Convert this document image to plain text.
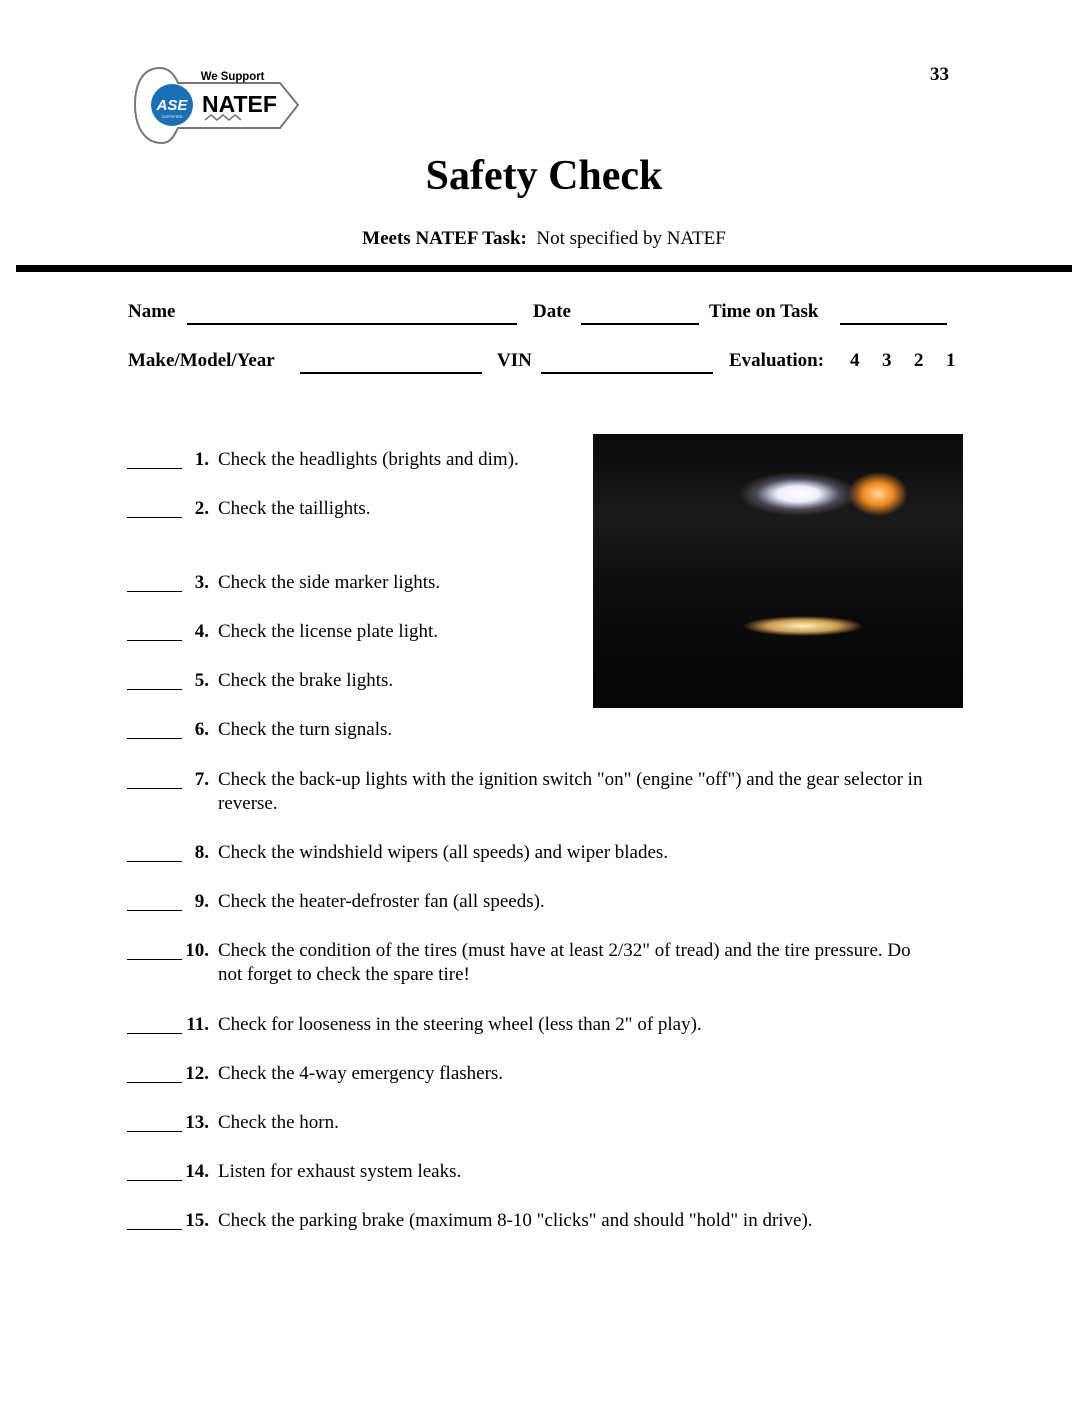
33
ASE
CERTIFIED
We Support
NATEF
Safety Check
Meets NATEF Task: Not specified by NATEF
Name	Date	Time on Task
Make/Model/Year	VIN	Evaluation: 4 3 2 1
1. Check the headlights (brights and dim).
2. Check the taillights.
3. Check the side marker lights.
4. Check the license plate light.
5. Check the brake lights.
6. Check the turn signals.
7. Check the back-up lights with the ignition switch "on" (engine "off") and the gear selector in reverse.
8. Check the windshield wipers (all speeds) and wiper blades.
9. Check the heater-defroster fan (all speeds).
10. Check the condition of the tires (must have at least 2/32" of tread) and the tire pressure. Do not forget to check the spare tire!
11. Check for looseness in the steering wheel (less than 2" of play).
12. Check the 4-way emergency flashers.
13. Check the horn.
14. Listen for exhaust system leaks.
15. Check the parking brake (maximum 8-10 "clicks" and should "hold" in drive).
